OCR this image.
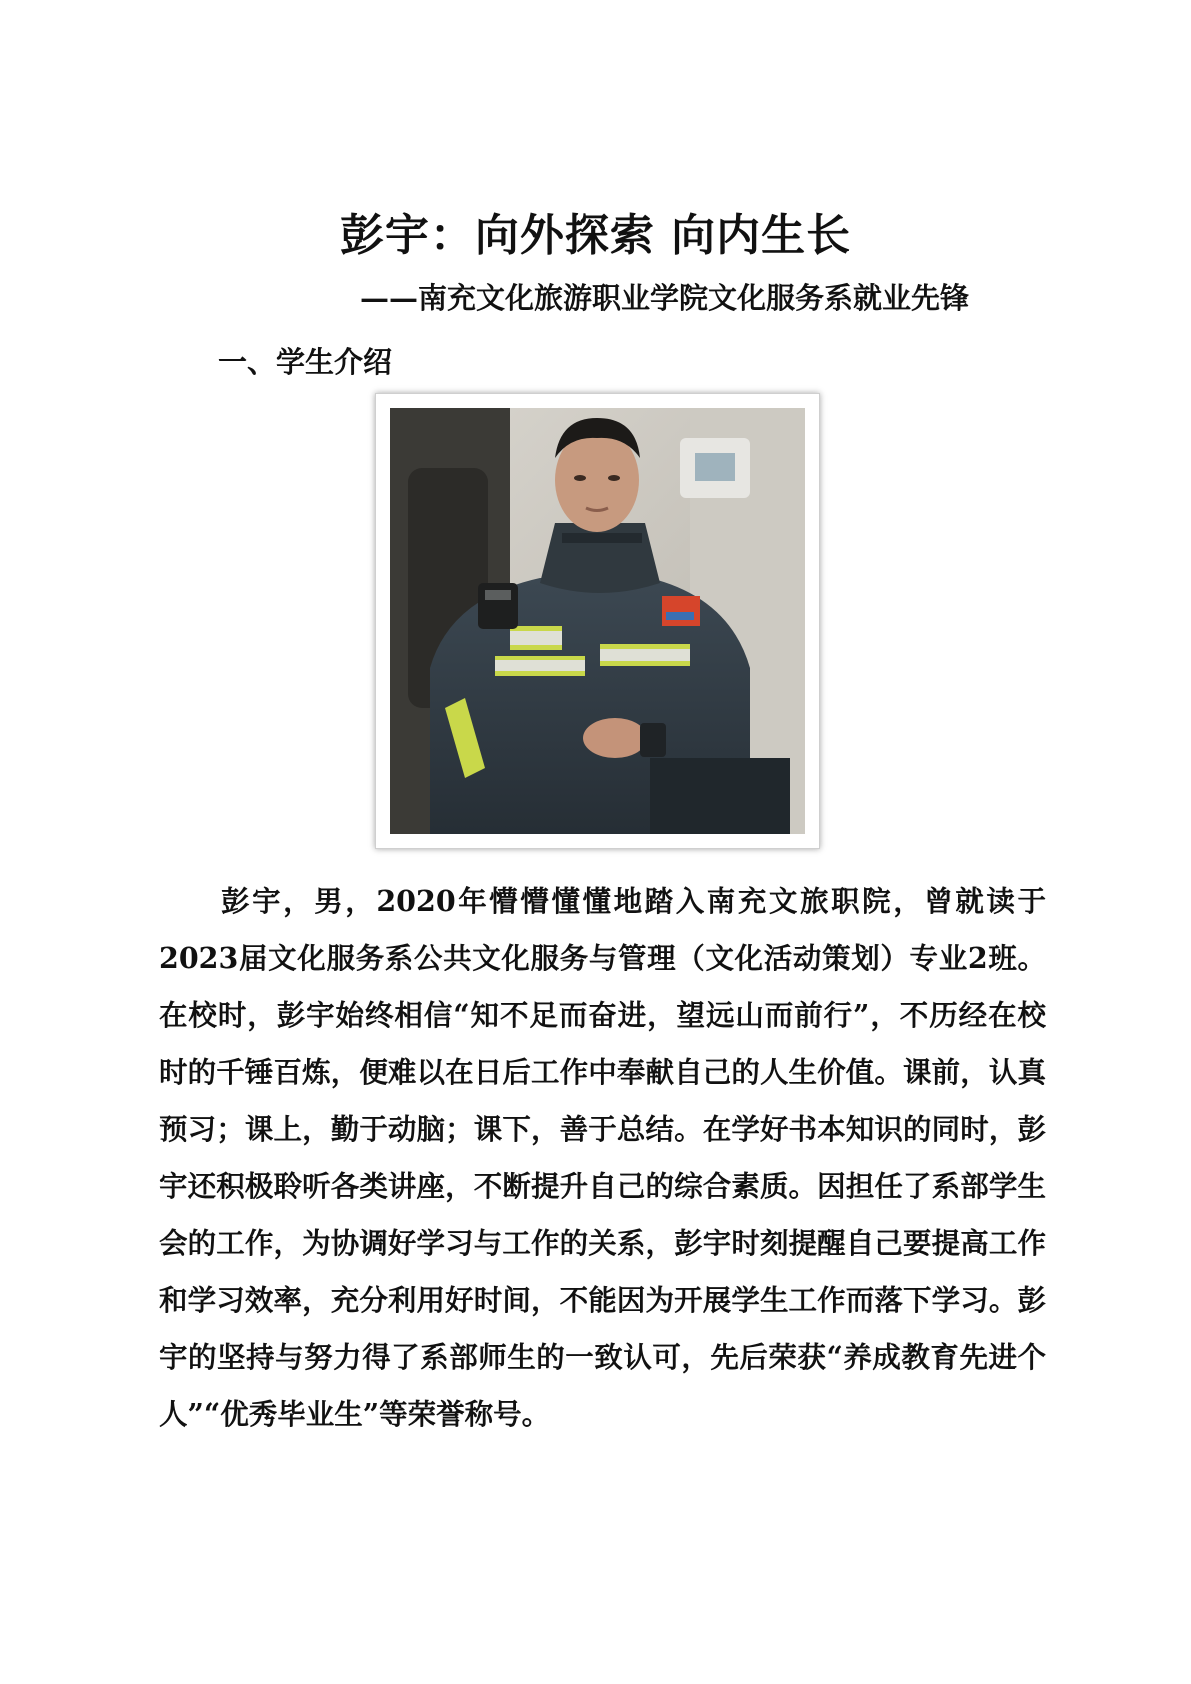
彭宇：向外探索 向内生长
——南充文化旅游职业学院文化服务系就业先锋
一、学生介绍

彭宇，男，2020年懵懵懂懂地踏入南充文旅职院，曾就读于2023届文化服务系公共文化服务与管理（文化活动策划）专业2班。在校时，彭宇始终相信“知不足而奋进，望远山而前行”，不历经在校时的千锤百炼，便难以在日后工作中奉献自己的人生价值。课前，认真预习；课上，勤于动脑；课下，善于总结。在学好书本知识的同时，彭宇还积极聆听各类讲座，不断提升自己的综合素质。因担任了系部学生会的工作，为协调好学习与工作的关系，彭宇时刻提醒自己要提高工作和学习效率，充分利用好时间，不能因为开展学生工作而落下学习。彭宇的坚持与努力得了系部师生的一致认可，先后荣获“养成教育先进个人”“优秀毕业生”等荣誉称号。
